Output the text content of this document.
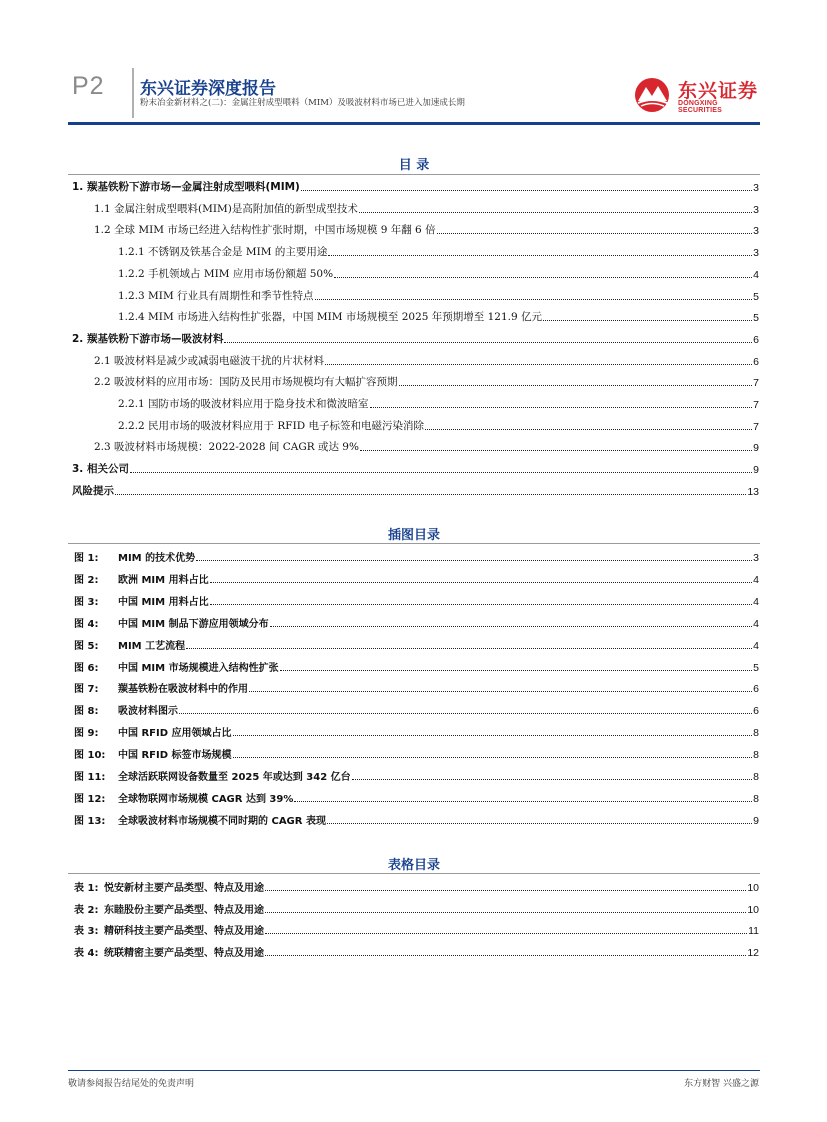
P2 东兴证券深度报告
粉末冶金新材料之(二)：金属注射成型喂料（MIM）及吸波材料市场已进入加速成长期
东兴证券
DONGXING SECURITIES
目 录
1. 羰基铁粉下游市场—金属注射成型喂料(MIM)	3
1.1 金属注射成型喂料(MIM)是高附加值的新型成型技术	3
1.2 全球 MIM 市场已经进入结构性扩张时期，中国市场规模 9 年翻 6 倍	3
1.2.1 不锈钢及铁基合金是 MIM 的主要用途	3
1.2.2 手机领域占 MIM 应用市场份额超 50%	4
1.2.3 MIM 行业具有周期性和季节性特点	5
1.2.4 MIM 市场进入结构性扩张器，中国 MIM 市场规模至 2025 年预期增至 121.9 亿元	5
2. 羰基铁粉下游市场—吸波材料	6
2.1 吸波材料是减少或减弱电磁波干扰的片状材料	6
2.2 吸波材料的应用市场：国防及民用市场规模均有大幅扩容预期	7
2.2.1 国防市场的吸波材料应用于隐身技术和微波暗室	7
2.2.2 民用市场的吸波材料应用于 RFID 电子标签和电磁污染消除	7
2.3 吸波材料市场规模：2022-2028 间 CAGR 或达 9%	9
3. 相关公司	9
风险提示	13
插图目录
图 1:	MIM 的技术优势	3
图 2:	欧洲 MIM 用料占比	4
图 3:	中国 MIM 用料占比	4
图 4:	中国 MIM 制品下游应用领域分布	4
图 5:	MIM 工艺流程	4
图 6:	中国 MIM 市场规模进入结构性扩张	5
图 7:	羰基铁粉在吸波材料中的作用	6
图 8:	吸波材料图示	6
图 9:	中国 RFID 应用领域占比	8
图 10:	中国 RFID 标签市场规模	8
图 11:	全球活跃联网设备数量至 2025 年或达到 342 亿台	8
图 12:	全球物联网市场规模 CAGR 达到 39%	8
图 13:	全球吸波材料市场规模不同时期的 CAGR 表现	9
表格目录
表 1: 悦安新材主要产品类型、特点及用途	10
表 2: 东睦股份主要产品类型、特点及用途	10
表 3: 精研科技主要产品类型、特点及用途	11
表 4: 统联精密主要产品类型、特点及用途	12
敬请参阅报告结尾处的免责声明	东方财智 兴盛之源
